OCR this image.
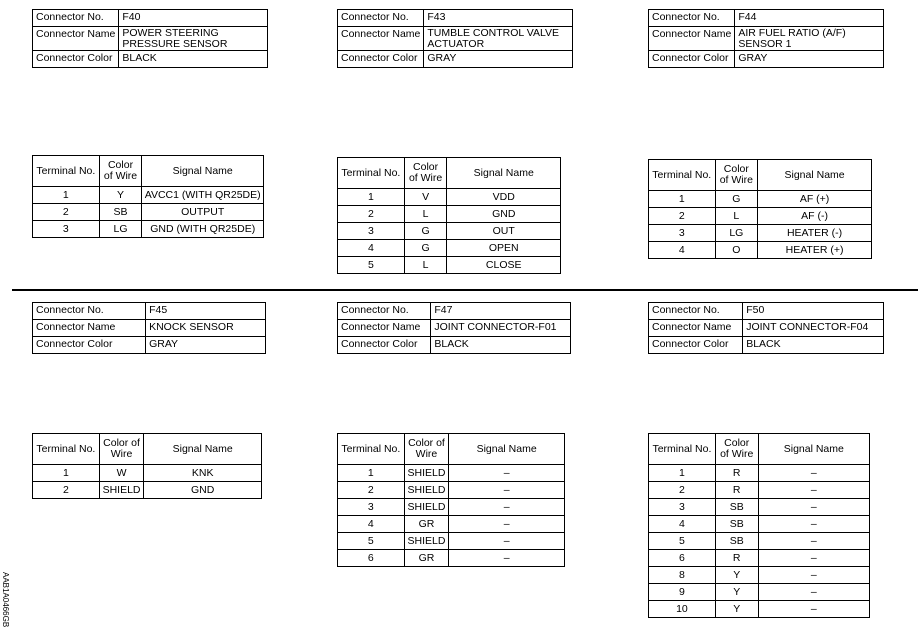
Connector No.	F40
Connector Name	POWER STEERING PRESSURE SENSOR
Connector Color	BLACK
Terminal No.	Color of Wire	Signal Name
1	Y	AVCC1 (WITH QR25DE)
2	SB	OUTPUT
3	LG	GND (WITH QR25DE)
Connector No.	F43
Connector Name	TUMBLE CONTROL VALVE ACTUATOR
Connector Color	GRAY
Terminal No.	Color of Wire	Signal Name
1	V	VDD
2	L	GND
3	G	OUT
4	G	OPEN
5	L	CLOSE
Connector No.	F44
Connector Name	AIR FUEL RATIO (A/F) SENSOR 1
Connector Color	GRAY
Terminal No.	Color of Wire	Signal Name
1	G	AF (+)
2	L	AF (-)
3	LG	HEATER (-)
4	O	HEATER (+)
Connector No.	F45
Connector Name	KNOCK SENSOR
Connector Color	GRAY
Terminal No.	Color of Wire	Signal Name
1	W	KNK
2	SHIELD	GND
Connector No.	F47
Connector Name	JOINT CONNECTOR-F01
Connector Color	BLACK
Terminal No.	Color of Wire	Signal Name
1	SHIELD	–
2	SHIELD	–
3	SHIELD	–
4	GR	–
5	SHIELD	–
6	GR	–
Connector No.	F50
Connector Name	JOINT CONNECTOR-F04
Connector Color	BLACK
Terminal No.	Color of Wire	Signal Name
1	R	–
2	R	–
3	SB	–
4	SB	–
5	SB	–
6	R	–
8	Y	–
9	Y	–
10	Y	–
AAB1A0466GB
